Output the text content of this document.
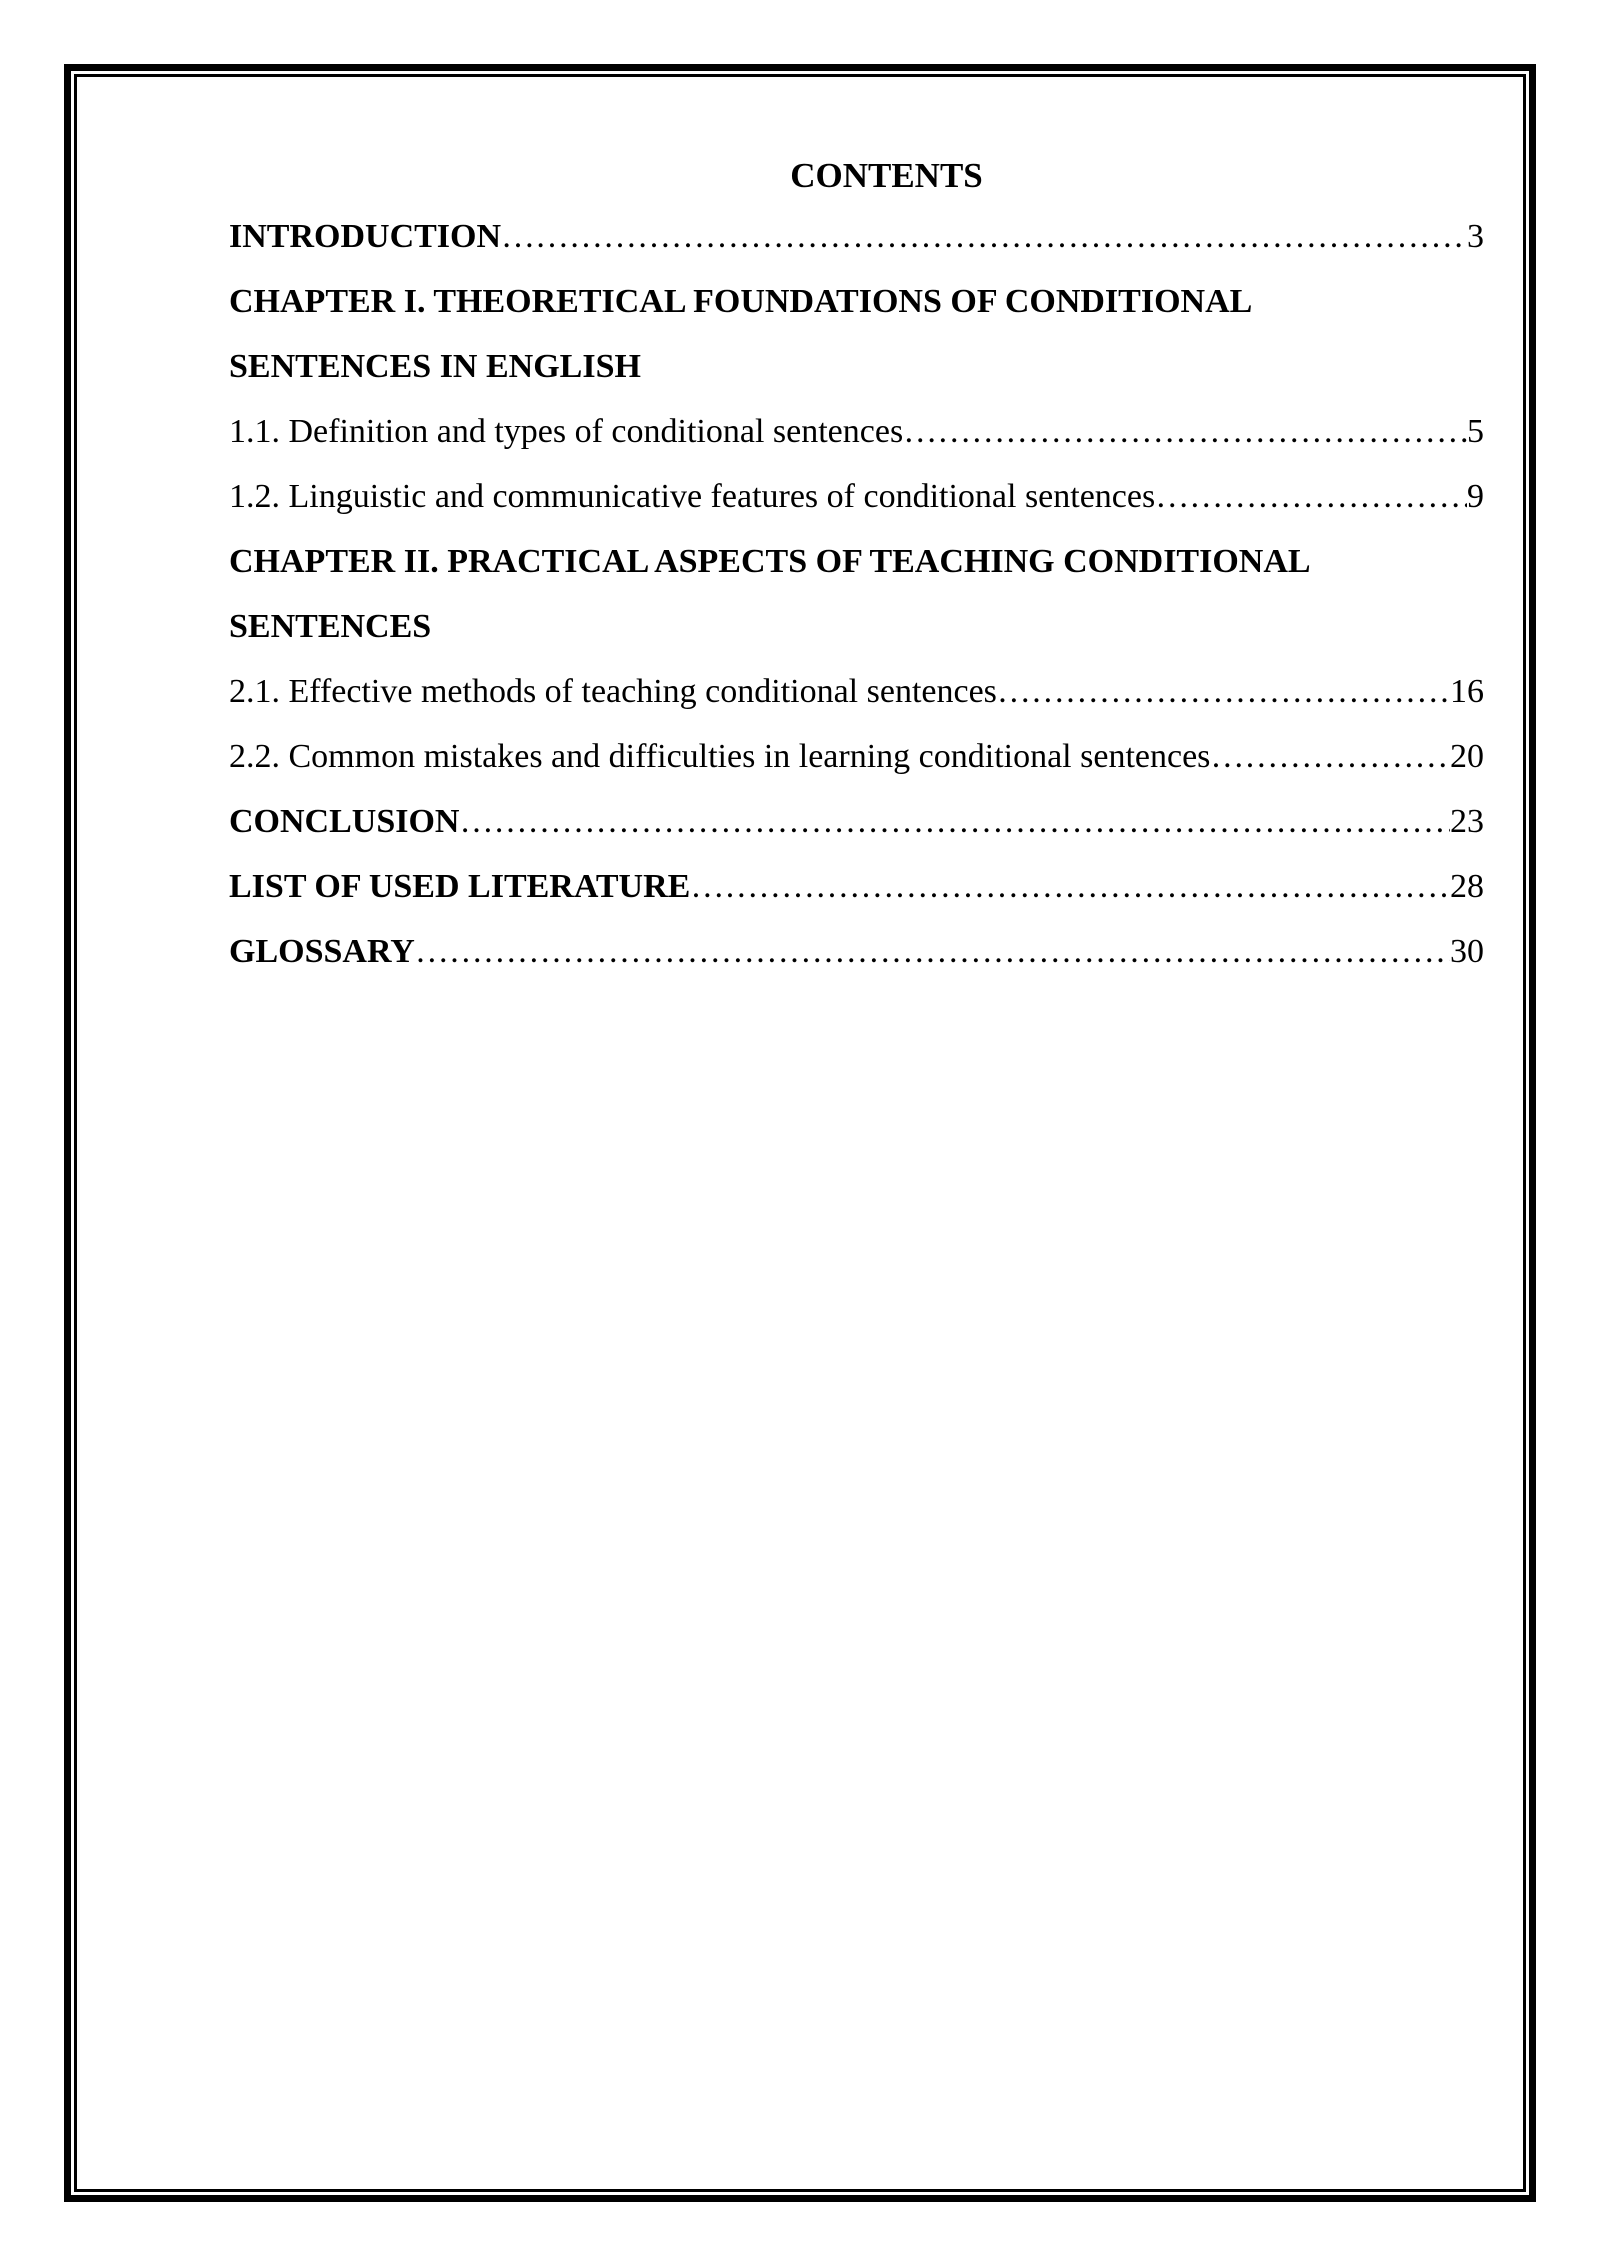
CONTENTS
INTRODUCTION ………………………………………………………………………………………………………………………………………………………………………………………………………………	3
CHAPTER I. THEORETICAL FOUNDATIONS OF CONDITIONAL
SENTENCES IN ENGLISH
1.1. Definition and types of conditional sentences ………………………………………………………………………………………………………………………………………………………………………………………………………………	5
1.2. Linguistic and communicative features of conditional sentences ………………………………………………………………………………………………………………………………………………………………………………………………………………	9
CHAPTER II. PRACTICAL ASPECTS OF TEACHING CONDITIONAL
SENTENCES
2.1. Effective methods of teaching conditional sentences ………………………………………………………………………………………………………………………………………………………………………………………………………………	16
2.2. Common mistakes and difficulties in learning conditional sentences ………………………………………………………………………………………………………………………………………………………………………………………………………………	20
CONCLUSION ………………………………………………………………………………………………………………………………………………………………………………………………………………	23
LIST OF USED LITERATURE ………………………………………………………………………………………………………………………………………………………………………………………………………………	28
GLOSSARY ………………………………………………………………………………………………………………………………………………………………………………………………………………	30
